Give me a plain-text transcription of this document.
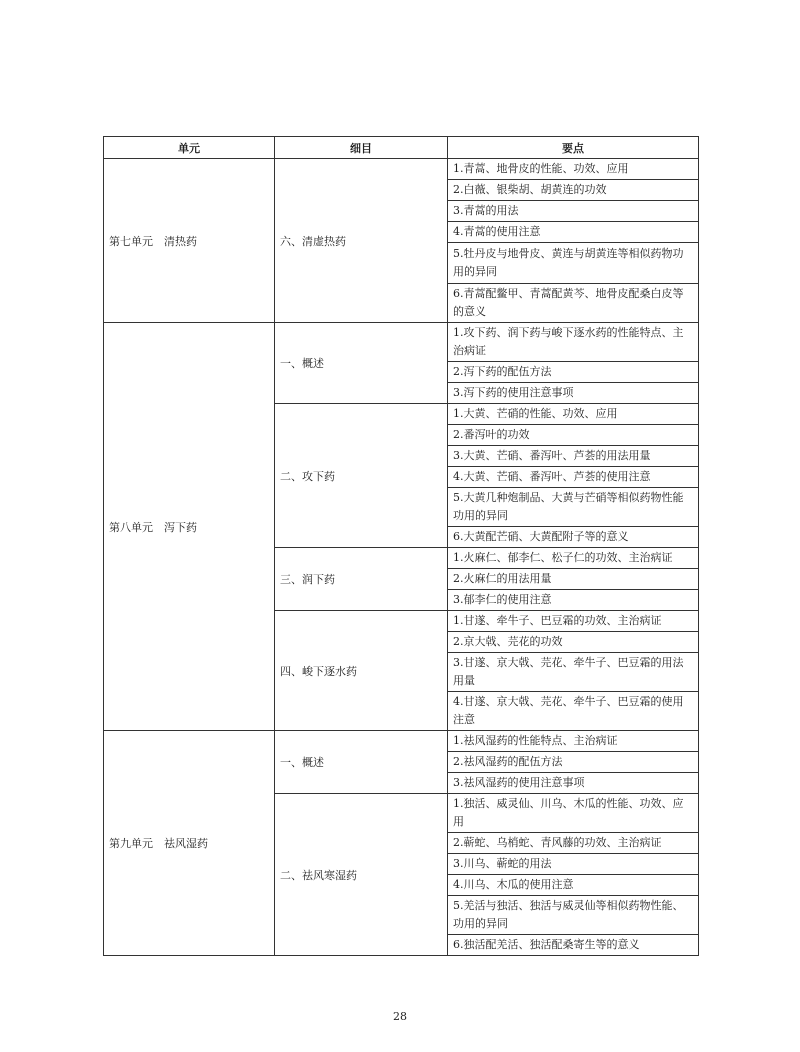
单元	细目	要点
第七单元　清热药	六、清虚热药	1.青蒿、地骨皮的性能、功效、应用
		2.白薇、银柴胡、胡黄连的功效
		3.青蒿的用法
		4.青蒿的使用注意
		5.牡丹皮与地骨皮、黄连与胡黄连等相似药物功用的异同
		6.青蒿配鳖甲、青蒿配黄芩、地骨皮配桑白皮等的意义
第八单元　泻下药	一、概述	1.攻下药、润下药与峻下逐水药的性能特点、主治病证
		2.泻下药的配伍方法
		3.泻下药的使用注意事项
	二、攻下药	1.大黄、芒硝的性能、功效、应用
		2.番泻叶的功效
		3.大黄、芒硝、番泻叶、芦荟的用法用量
		4.大黄、芒硝、番泻叶、芦荟的使用注意
		5.大黄几种炮制品、大黄与芒硝等相似药物性能功用的异同
		6.大黄配芒硝、大黄配附子等的意义
	三、润下药	1.火麻仁、郁李仁、松子仁的功效、主治病证
		2.火麻仁的用法用量
		3.郁李仁的使用注意
	四、峻下逐水药	1.甘遂、牵牛子、巴豆霜的功效、主治病证
		2.京大戟、芫花的功效
		3.甘遂、京大戟、芫花、牵牛子、巴豆霜的用法用量
		4.甘遂、京大戟、芫花、牵牛子、巴豆霜的使用注意
第九单元　祛风湿药	一、概述	1.祛风湿药的性能特点、主治病证
		2.祛风湿药的配伍方法
		3.祛风湿药的使用注意事项
	二、祛风寒湿药	1.独活、威灵仙、川乌、木瓜的性能、功效、应用
		2.蕲蛇、乌梢蛇、青风藤的功效、主治病证
		3.川乌、蕲蛇的用法
		4.川乌、木瓜的使用注意
		5.羌活与独活、独活与威灵仙等相似药物性能、功用的异同
		6.独活配羌活、独活配桑寄生等的意义
28
